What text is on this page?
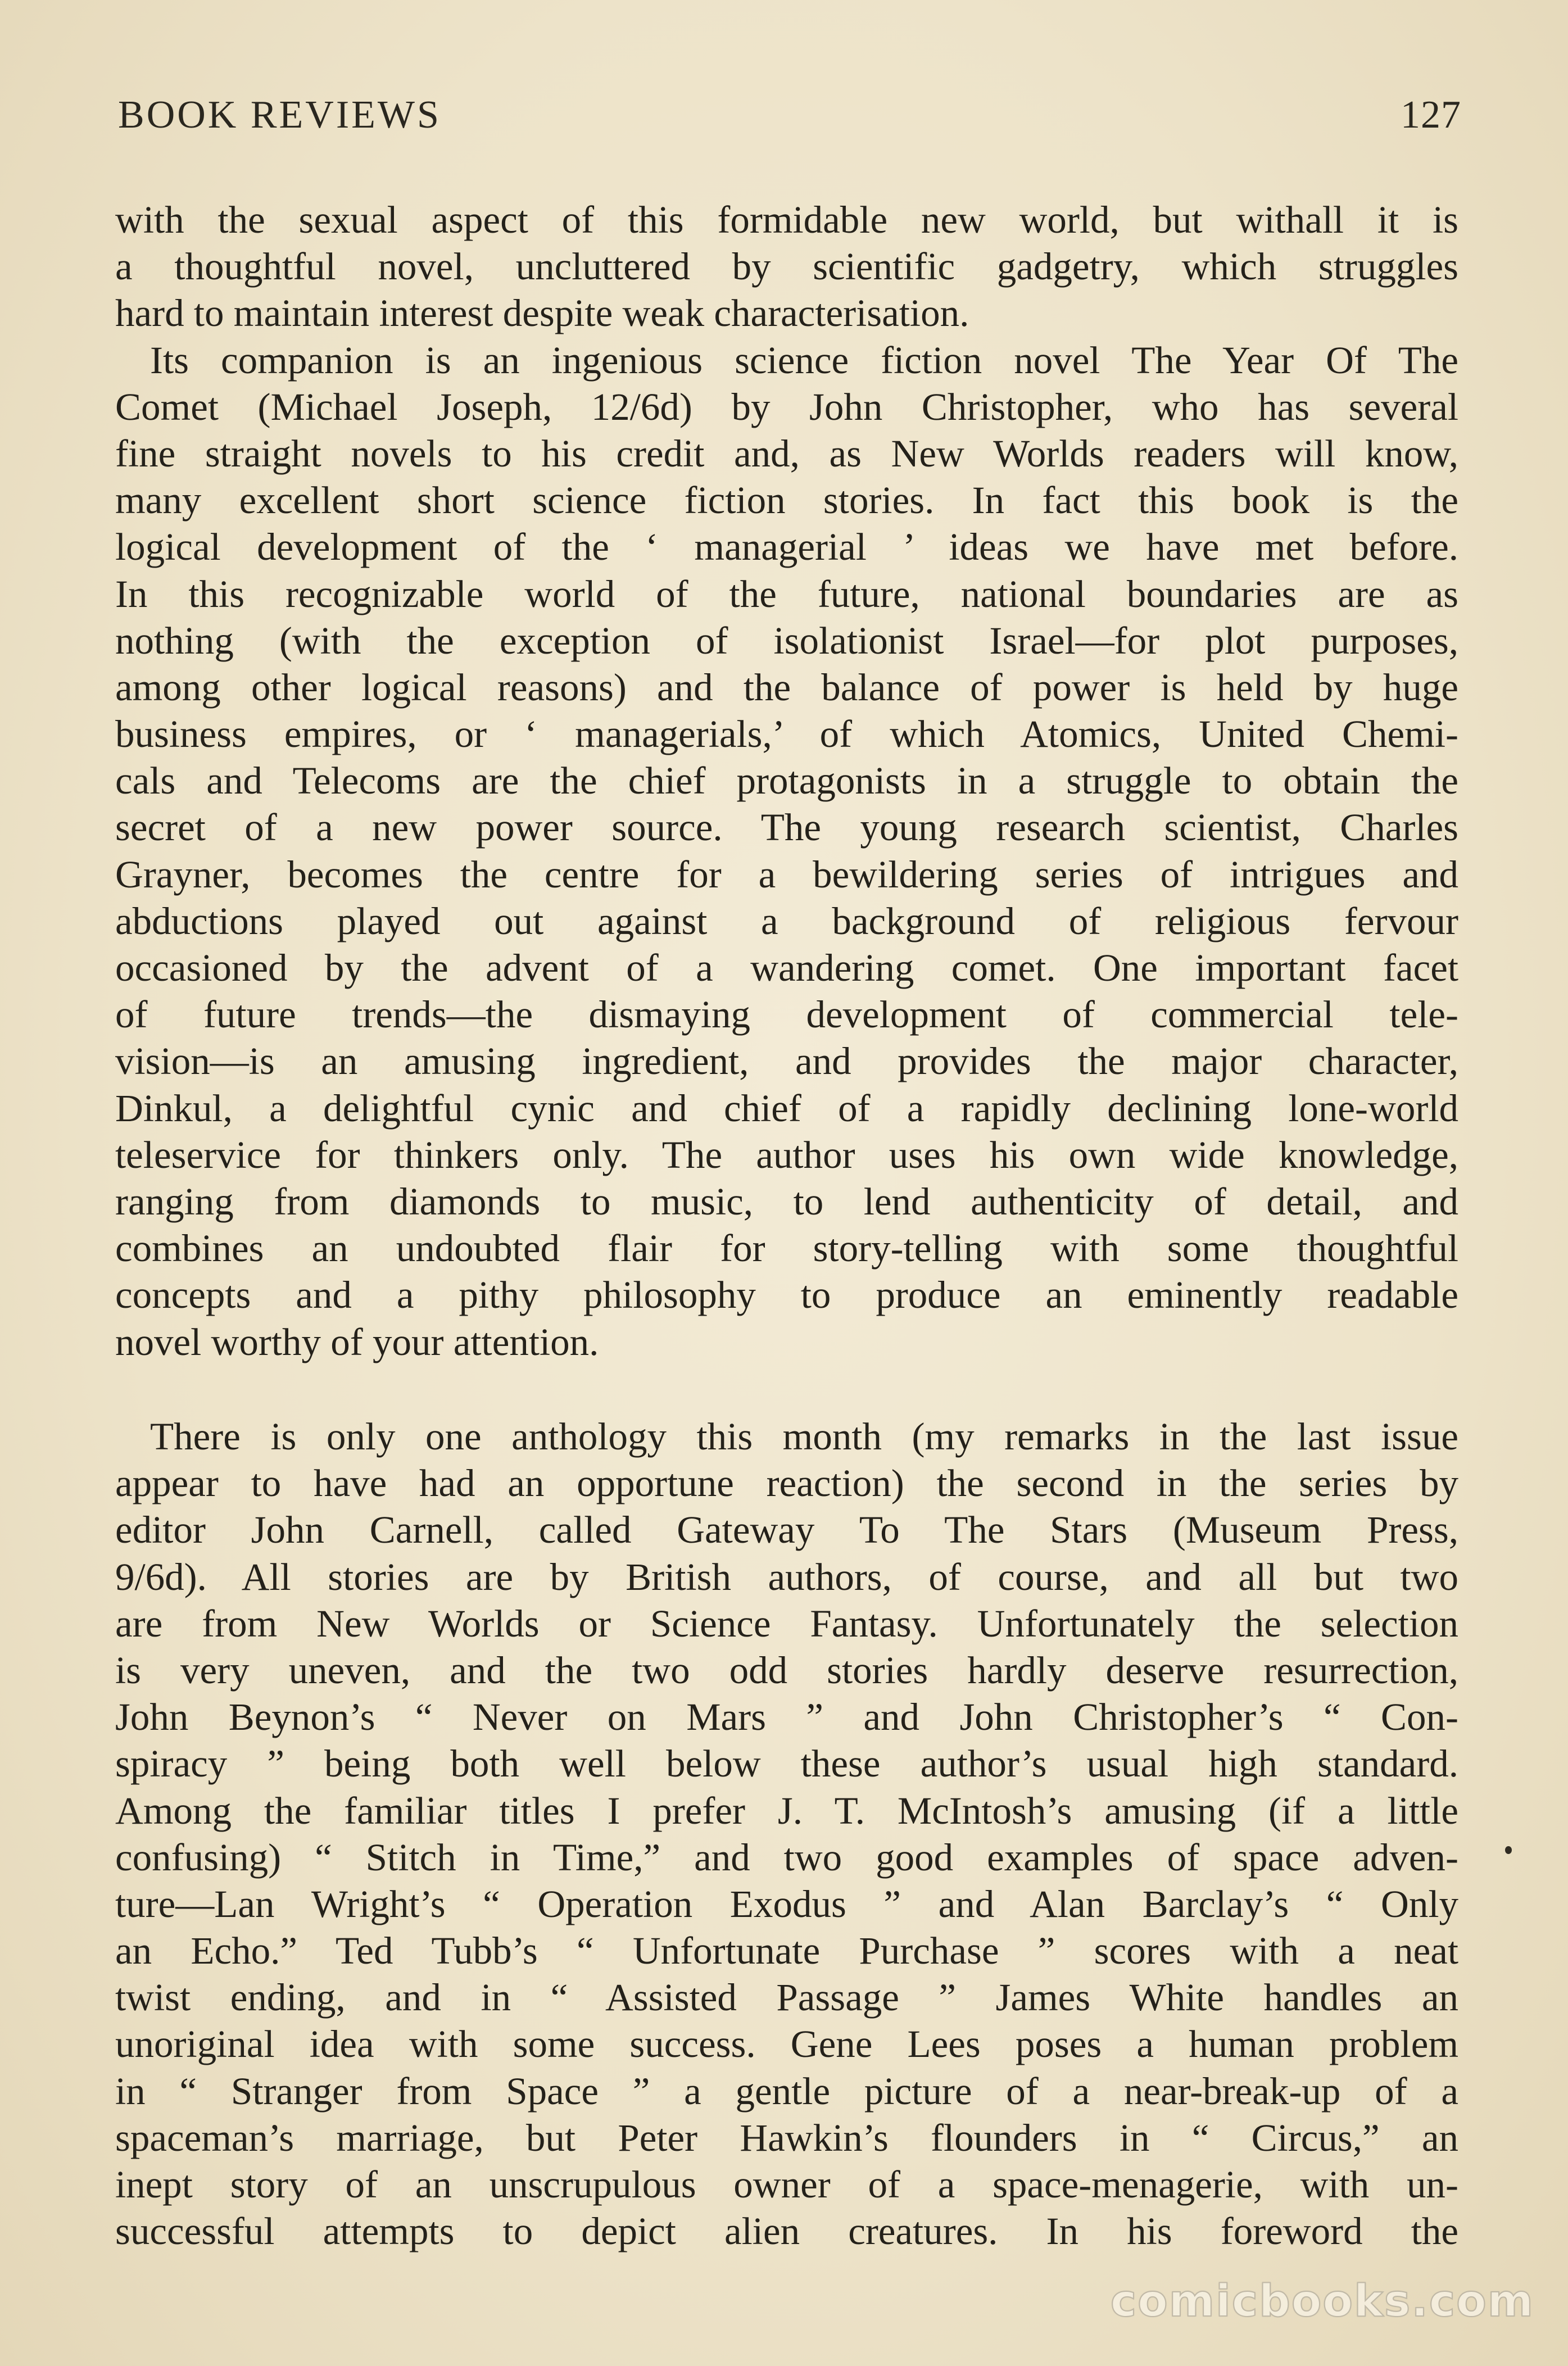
BOOK REVIEWS	127
with the sexual aspect of this formidable new world, but withall it is
a thoughtful novel, uncluttered by scientific gadgetry, which struggles
hard to maintain interest despite weak characterisation.
Its companion is an ingenious science fiction novel The Year Of The
Comet (Michael Joseph, 12/6d) by John Christopher, who has several
fine straight novels to his credit and, as New Worlds readers will know,
many excellent short science fiction stories. In fact this book is the
logical development of the ‘ managerial ’ ideas we have met before.
In this recognizable world of the future, national boundaries are as
nothing (with the exception of isolationist Israel—for plot purposes,
among other logical reasons) and the balance of power is held by huge
business empires, or ‘ managerials,’ of which Atomics, United Chemi-
cals and Telecoms are the chief protagonists in a struggle to obtain the
secret of a new power source. The young research scientist, Charles
Grayner, becomes the centre for a bewildering series of intrigues and
abductions played out against a background of religious fervour
occasioned by the advent of a wandering comet. One important facet
of future trends—the dismaying development of commercial tele-
vision—is an amusing ingredient, and provides the major character,
Dinkul, a delightful cynic and chief of a rapidly declining lone-world
teleservice for thinkers only. The author uses his own wide knowledge,
ranging from diamonds to music, to lend authenticity of detail, and
combines an undoubted flair for story-telling with some thoughtful
concepts and a pithy philosophy to produce an eminently readable
novel worthy of your attention.
There is only one anthology this month (my remarks in the last issue
appear to have had an opportune reaction) the second in the series by
editor John Carnell, called Gateway To The Stars (Museum Press,
9/6d). All stories are by British authors, of course, and all but two
are from New Worlds or Science Fantasy. Unfortunately the selection
is very uneven, and the two odd stories hardly deserve resurrection,
John Beynon’s “ Never on Mars ” and John Christopher’s “ Con-
spiracy ” being both well below these author’s usual high standard.
Among the familiar titles I prefer J. T. McIntosh’s amusing (if a little
confusing) “ Stitch in Time,” and two good examples of space adven-
ture—Lan Wright’s “ Operation Exodus ” and Alan Barclay’s “ Only
an Echo.” Ted Tubb’s “ Unfortunate Purchase ” scores with a neat
twist ending, and in “ Assisted Passage ” James White handles an
unoriginal idea with some success. Gene Lees poses a human problem
in “ Stranger from Space ” a gentle picture of a near-break-up of a
spaceman’s marriage, but Peter Hawkin’s flounders in “ Circus,” an
inept story of an unscrupulous owner of a space-menagerie, with un-
successful attempts to depict alien creatures. In his foreword the
comicbooks.com
